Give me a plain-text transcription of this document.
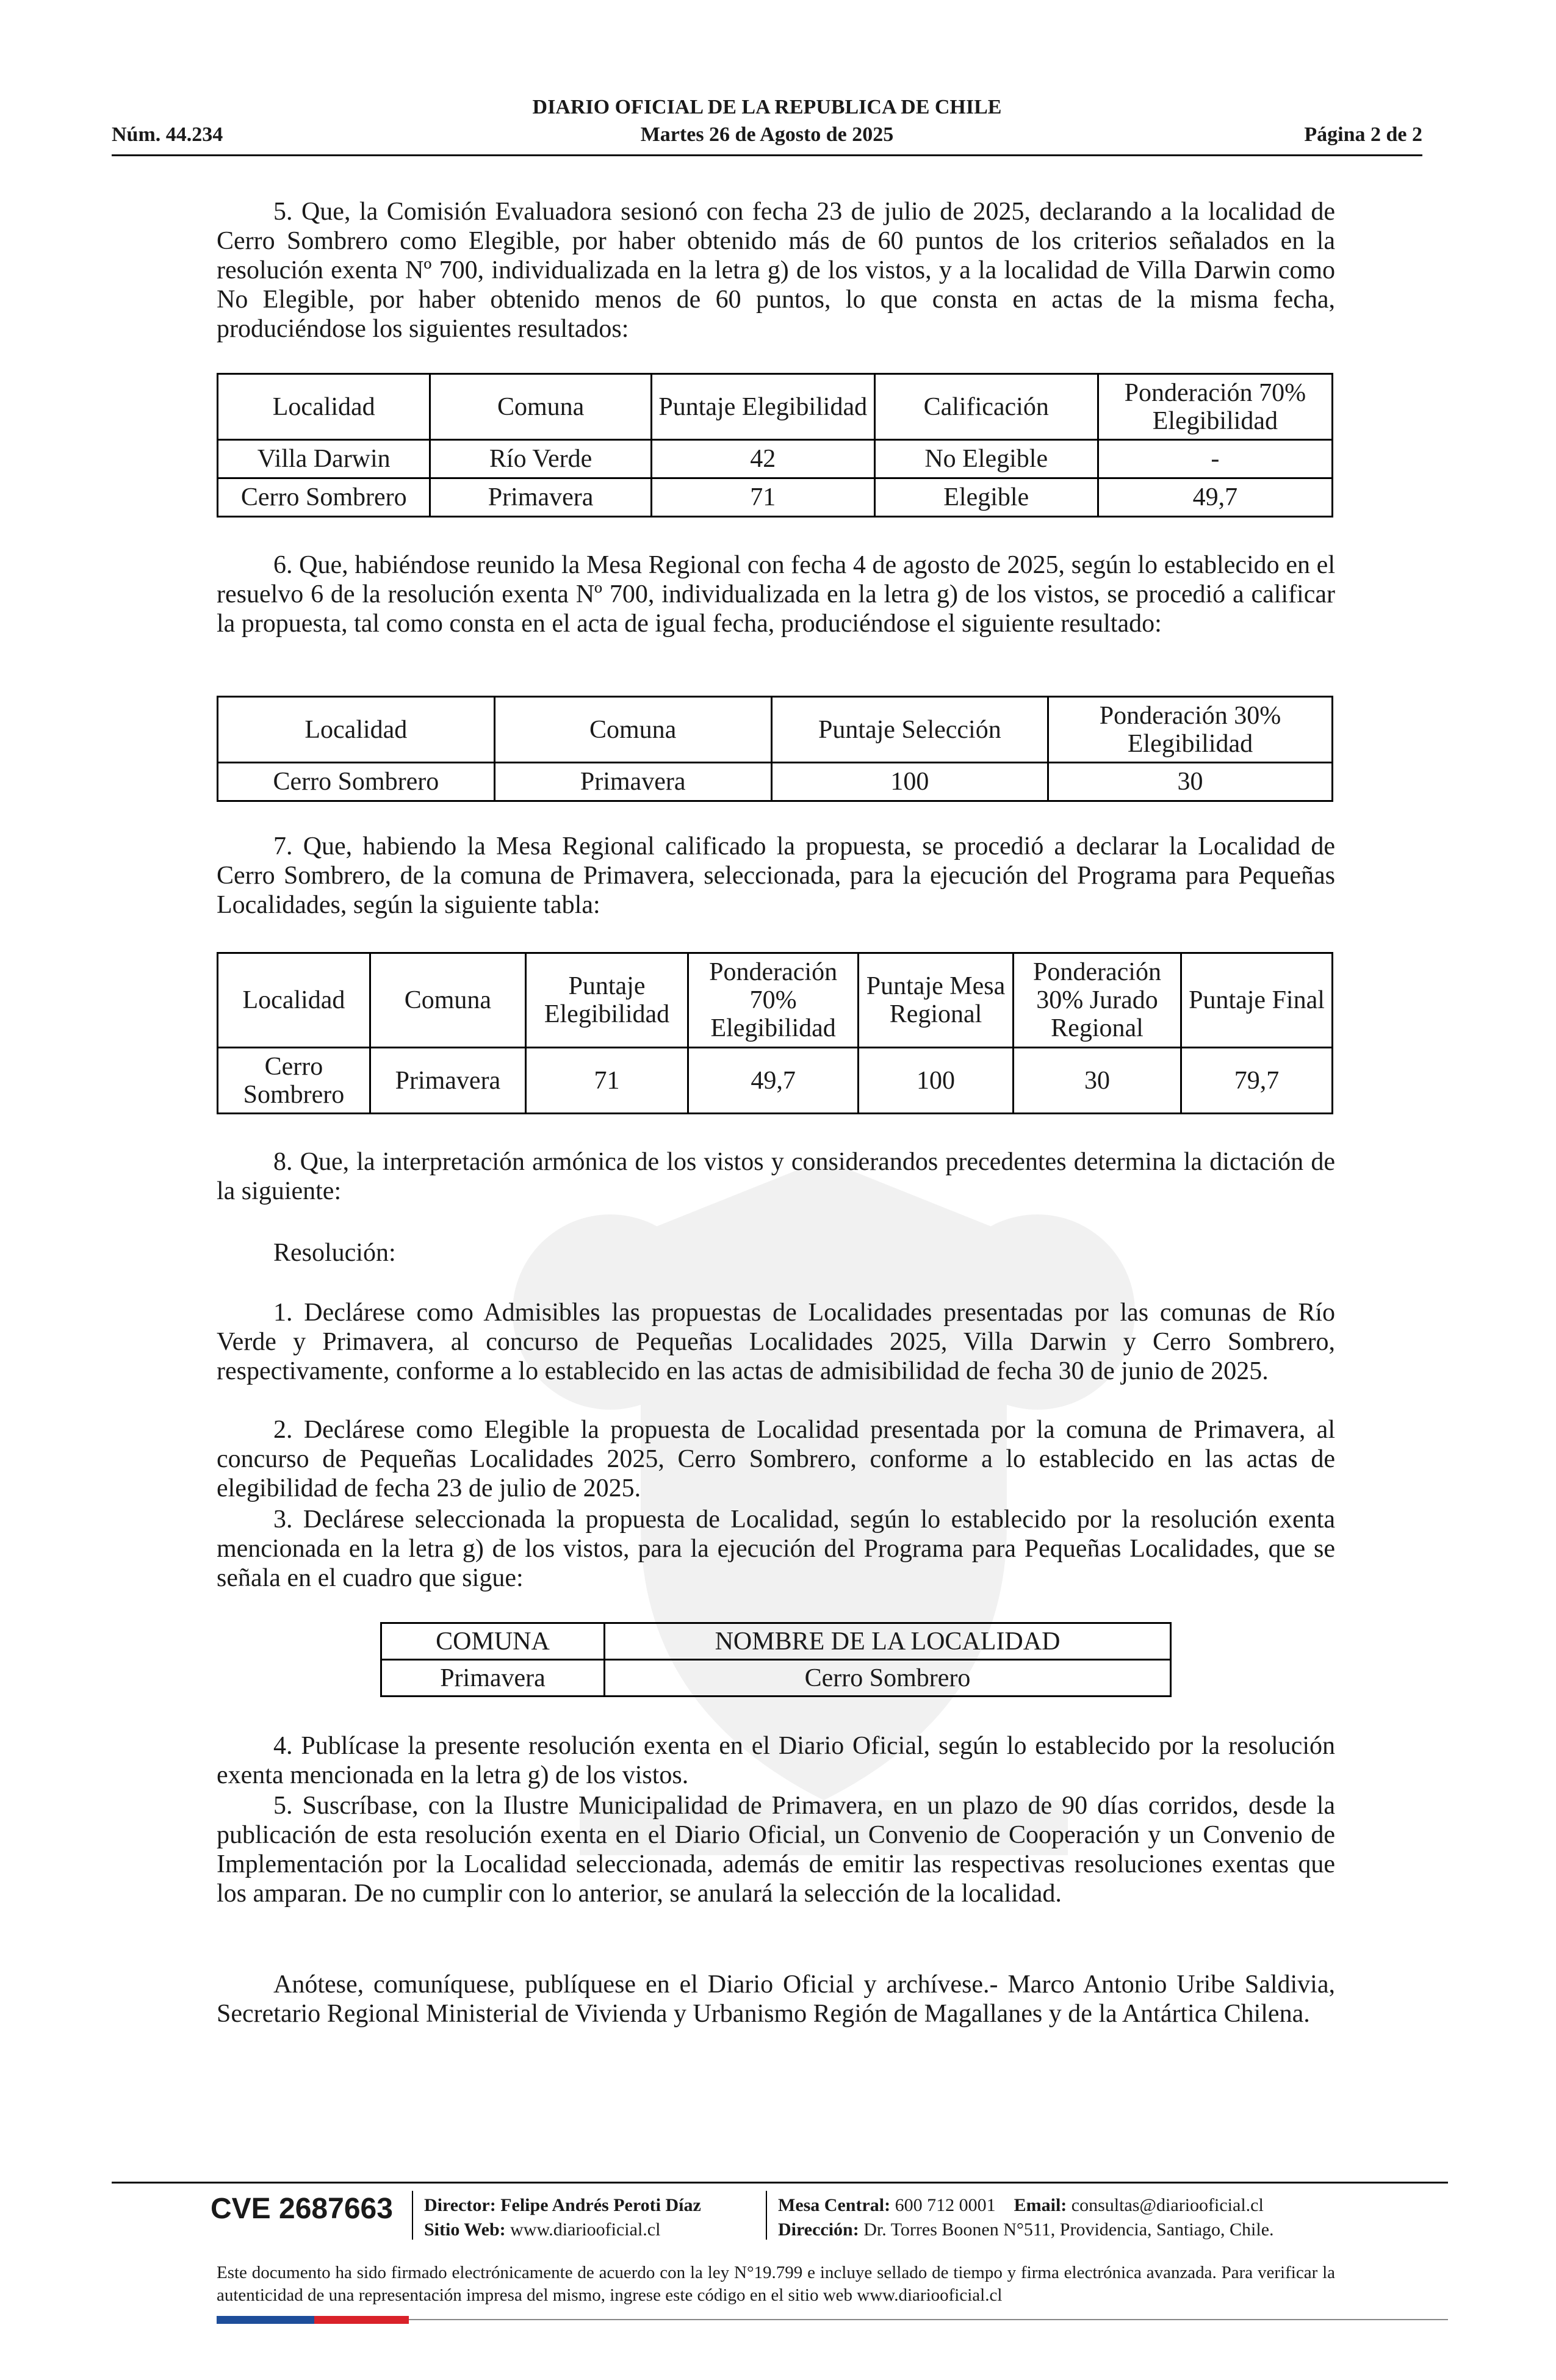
DIARIO OFICIAL DE LA REPUBLICA DE CHILE
Núm. 44.234	Martes 26 de Agosto de 2025	Página 2 de 2

5. Que, la Comisión Evaluadora sesionó con fecha 23 de julio de 2025, declarando a la localidad de Cerro Sombrero como Elegible, por haber obtenido más de 60 puntos de los criterios señalados en la resolución exenta Nº 700, individualizada en la letra g) de los vistos, y a la localidad de Villa Darwin como No Elegible, por haber obtenido menos de 60 puntos, lo que consta en actas de la misma fecha, produciéndose los siguientes resultados:

Localidad	Comuna	Puntaje Elegibilidad	Calificación	Ponderación 70% Elegibilidad
Villa Darwin	Río Verde	42	No Elegible	-
Cerro Sombrero	Primavera	71	Elegible	49,7

6. Que, habiéndose reunido la Mesa Regional con fecha 4 de agosto de 2025, según lo establecido en el resuelvo 6 de la resolución exenta Nº 700, individualizada en la letra g) de los vistos, se procedió a calificar la propuesta, tal como consta en el acta de igual fecha, produciéndose el siguiente resultado:

Localidad	Comuna	Puntaje Selección	Ponderación 30% Elegibilidad
Cerro Sombrero	Primavera	100	30

7. Que, habiendo la Mesa Regional calificado la propuesta, se procedió a declarar la Localidad de Cerro Sombrero, de la comuna de Primavera, seleccionada, para la ejecución del Programa para Pequeñas Localidades, según la siguiente tabla:

Localidad	Comuna	Puntaje Elegibilidad	Ponderación 70% Elegibilidad	Puntaje Mesa Regional	Ponderación 30% Jurado Regional	Puntaje Final
Cerro Sombrero	Primavera	71	49,7	100	30	79,7

8. Que, la interpretación armónica de los vistos y considerandos precedentes determina la dictación de la siguiente:

Resolución:

1. Declárese como Admisibles las propuestas de Localidades presentadas por las comunas de Río Verde y Primavera, al concurso de Pequeñas Localidades 2025, Villa Darwin y Cerro Sombrero, respectivamente, conforme a lo establecido en las actas de admisibilidad de fecha 30 de junio de 2025.

2. Declárese como Elegible la propuesta de Localidad presentada por la comuna de Primavera, al concurso de Pequeñas Localidades 2025, Cerro Sombrero, conforme a lo establecido en las actas de elegibilidad de fecha 23 de julio de 2025.

3. Declárese seleccionada la propuesta de Localidad, según lo establecido por la resolución exenta mencionada en la letra g) de los vistos, para la ejecución del Programa para Pequeñas Localidades, que se señala en el cuadro que sigue:

COMUNA	NOMBRE DE LA LOCALIDAD
Primavera	Cerro Sombrero

4. Publícase la presente resolución exenta en el Diario Oficial, según lo establecido por la resolución exenta mencionada en la letra g) de los vistos.

5. Suscríbase, con la Ilustre Municipalidad de Primavera, en un plazo de 90 días corridos, desde la publicación de esta resolución exenta en el Diario Oficial, un Convenio de Cooperación y un Convenio de Implementación por la Localidad seleccionada, además de emitir las respectivas resoluciones exentas que los amparan. De no cumplir con lo anterior, se anulará la selección de la localidad.

Anótese, comuníquese, publíquese en el Diario Oficial y archívese.- Marco Antonio Uribe Saldivia, Secretario Regional Ministerial de Vivienda y Urbanismo Región de Magallanes y de la Antártica Chilena.

CVE 2687663 Director: Felipe Andrés Peroti Díaz
Sitio Web: www.diariooficial.cl
Mesa Central: 600 712 0001 Email: consultas@diariooficial.cl
Dirección: Dr. Torres Boonen N°511, Providencia, Santiago, Chile.
Este documento ha sido firmado electrónicamente de acuerdo con la ley N°19.799 e incluye sellado de tiempo y firma electrónica avanzada. Para verificar la autenticidad de una representación impresa del mismo, ingrese este código en el sitio web www.diariooficial.cl
